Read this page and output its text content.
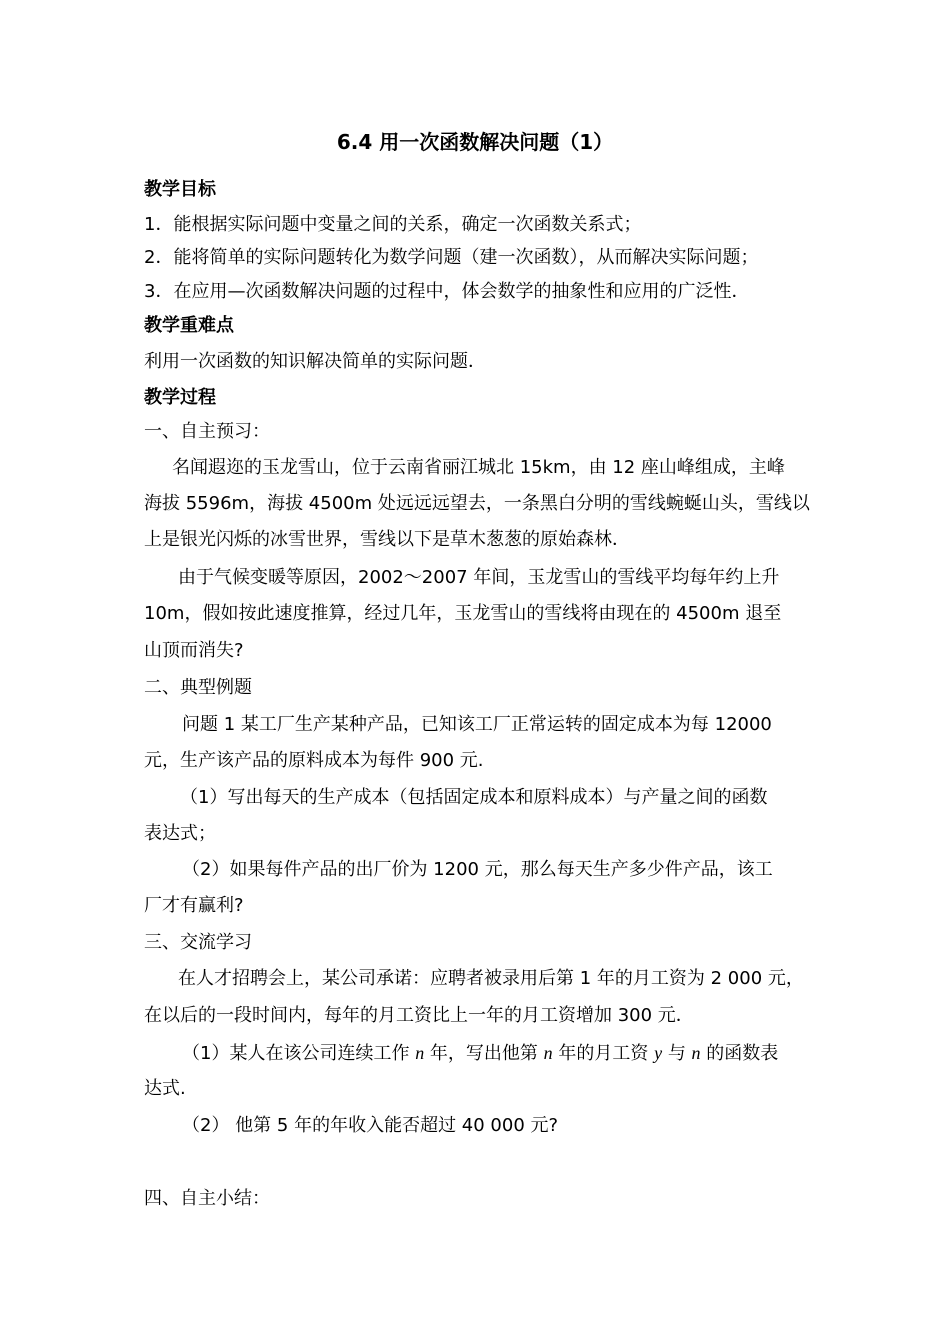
6.4 用一次函数解决问题（1）
教学目标
1．能根据实际问题中变量之间的关系，确定一次函数关系式；
2．能将简单的实际问题转化为数学问题（建一次函数），从而解决实际问题；
3．在应用—次函数解决问题的过程中，体会数学的抽象性和应用的广泛性．
教学重难点
利用一次函数的知识解决简单的实际问题．
教学过程
一、自主预习：
名闻遐迩的玉龙雪山，位于云南省丽江城北 15km，由 12 座山峰组成，主峰
海拔 5596m，海拔 4500m 处远远远望去，一条黑白分明的雪线蜿蜒山头，雪线以
上是银光闪烁的冰雪世界，雪线以下是草木葱葱的原始森林．
由于气候变暖等原因，2002～2007 年间，玉龙雪山的雪线平均每年约上升
10m，假如按此速度推算，经过几年，玉龙雪山的雪线将由现在的 4500m 退至
山顶而消失?
二、典型例题
问题 1 某工厂生产某种产品，已知该工厂正常运转的固定成本为每 12000
元，生产该产品的原料成本为每件 900 元.
（1）写出每天的生产成本（包括固定成本和原料成本）与产量之间的函数
表达式；
（2）如果每件产品的出厂价为 1200 元，那么每天生产多少件产品，该工
厂才有赢利?
三、交流学习
在人才招聘会上，某公司承诺：应聘者被录用后第 1 年的月工资为 2 000 元，
在以后的一段时间内，每年的月工资比上一年的月工资增加 300 元．
（1）某人在该公司连续工作 n 年，写出他第 n 年的月工资 y 与 n 的函数表
达式.
（2） 他第 5 年的年收入能否超过 40 000 元?
四、自主小结：
